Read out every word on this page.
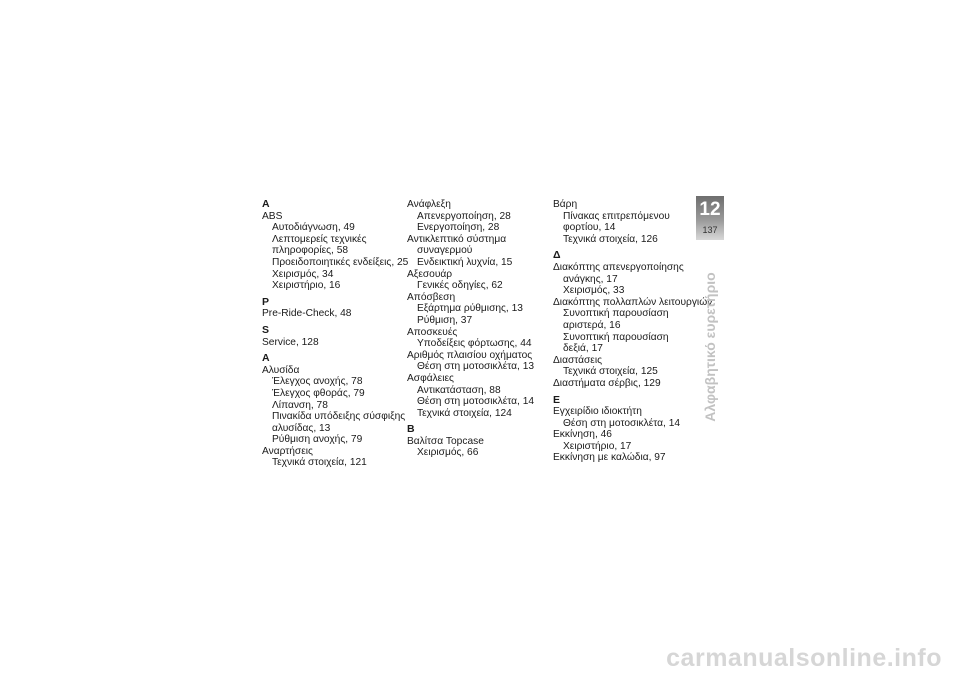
A
ABS
Αυτοδιάγνωση, 49
Λεπτομερείς τεχνικές
πληροφορίες, 58
Προειδοποιητικές ενδείξεις, 25
Χειρισμός, 34
Χειριστήριο, 16
P
Pre-Ride-Check, 48
S
Service, 128
Α
Αλυσίδα
Έλεγχος ανοχής, 78
Έλεγχος φθοράς, 79
Λίπανση, 78
Πινακίδα υπόδειξης σύσφιξης
αλυσίδας, 13
Ρύθμιση ανοχής, 79
Αναρτήσεις
Τεχνικά στοιχεία, 121
Ανάφλεξη
Απενεργοποίηση, 28
Ενεργοποίηση, 28
Αντικλεπτικό σύστημα
συναγερμού
Ενδεικτική λυχνία, 15
Αξεσουάρ
Γενικές οδηγίες, 62
Απόσβεση
Εξάρτημα ρύθμισης, 13
Ρύθμιση, 37
Αποσκευές
Υποδείξεις φόρτωσης, 44
Αριθμός πλαισίου οχήματος
Θέση στη μοτοσικλέτα, 13
Ασφάλειες
Αντικατάσταση, 88
Θέση στη μοτοσικλέτα, 14
Τεχνικά στοιχεία, 124
Β
Βαλίτσα Topcase
Χειρισμός, 66
Βάρη
Πίνακας επιτρεπόμενου
φορτίου, 14
Τεχνικά στοιχεία, 126
Δ
Διακόπτης απενεργοποίησης
ανάγκης, 17
Χειρισμός, 33
Διακόπτης πολλαπλών λειτουργιών
Συνοπτική παρουσίαση
αριστερά, 16
Συνοπτική παρουσίαση
δεξιά, 17
Διαστάσεις
Τεχνικά στοιχεία, 125
Διαστήματα σέρβις, 129
Ε
Εγχειρίδιο ιδιοκτήτη
Θέση στη μοτοσικλέτα, 14
Εκκίνηση, 46
Χειριστήριο, 17
Εκκίνηση με καλώδια, 97
12
137
Αλφαβητικό ευρετήριο
carmanualsonline.info
